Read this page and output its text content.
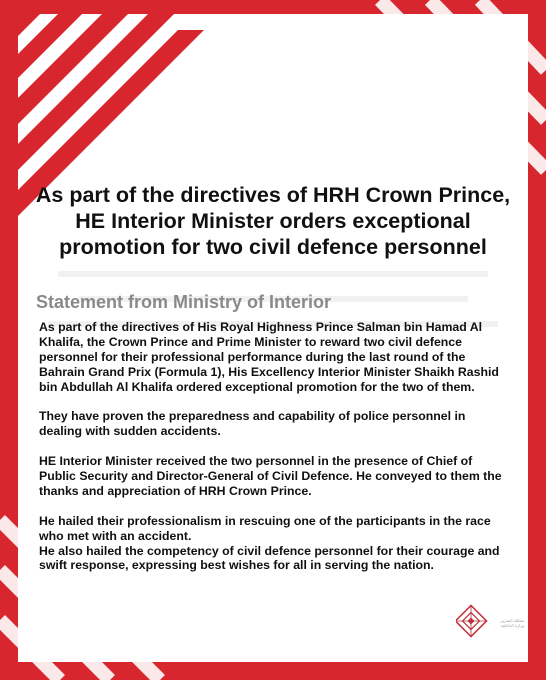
As part of the directives of HRH Crown Prince, HE Interior Minister orders exceptional promotion for two civil defence personnel
Statement from Ministry of Interior

As part of the directives of His Royal Highness Prince Salman bin Hamad Al Khalifa, the Crown Prince and Prime Minister to reward two civil defence personnel for their professional performance during the last round of the Bahrain Grand Prix (Formula 1), His Excellency Interior Minister Shaikh Rashid bin Abdullah Al Khalifa ordered exceptional promotion for the two of them.

They have proven the preparedness and capability of police personnel in dealing with sudden accidents.

HE Interior Minister received the two personnel in the presence of Chief of Public Security and Director-General of Civil Defence. He conveyed to them the thanks and appreciation of HRH Crown Prince.

He hailed their professionalism in rescuing one of the participants in the race who met with an accident.

He also hailed the competency of civil defence personnel for their courage and swift response, expressing best wishes for all in serving the nation.

مملكة البحرين
وزارة الداخلية
